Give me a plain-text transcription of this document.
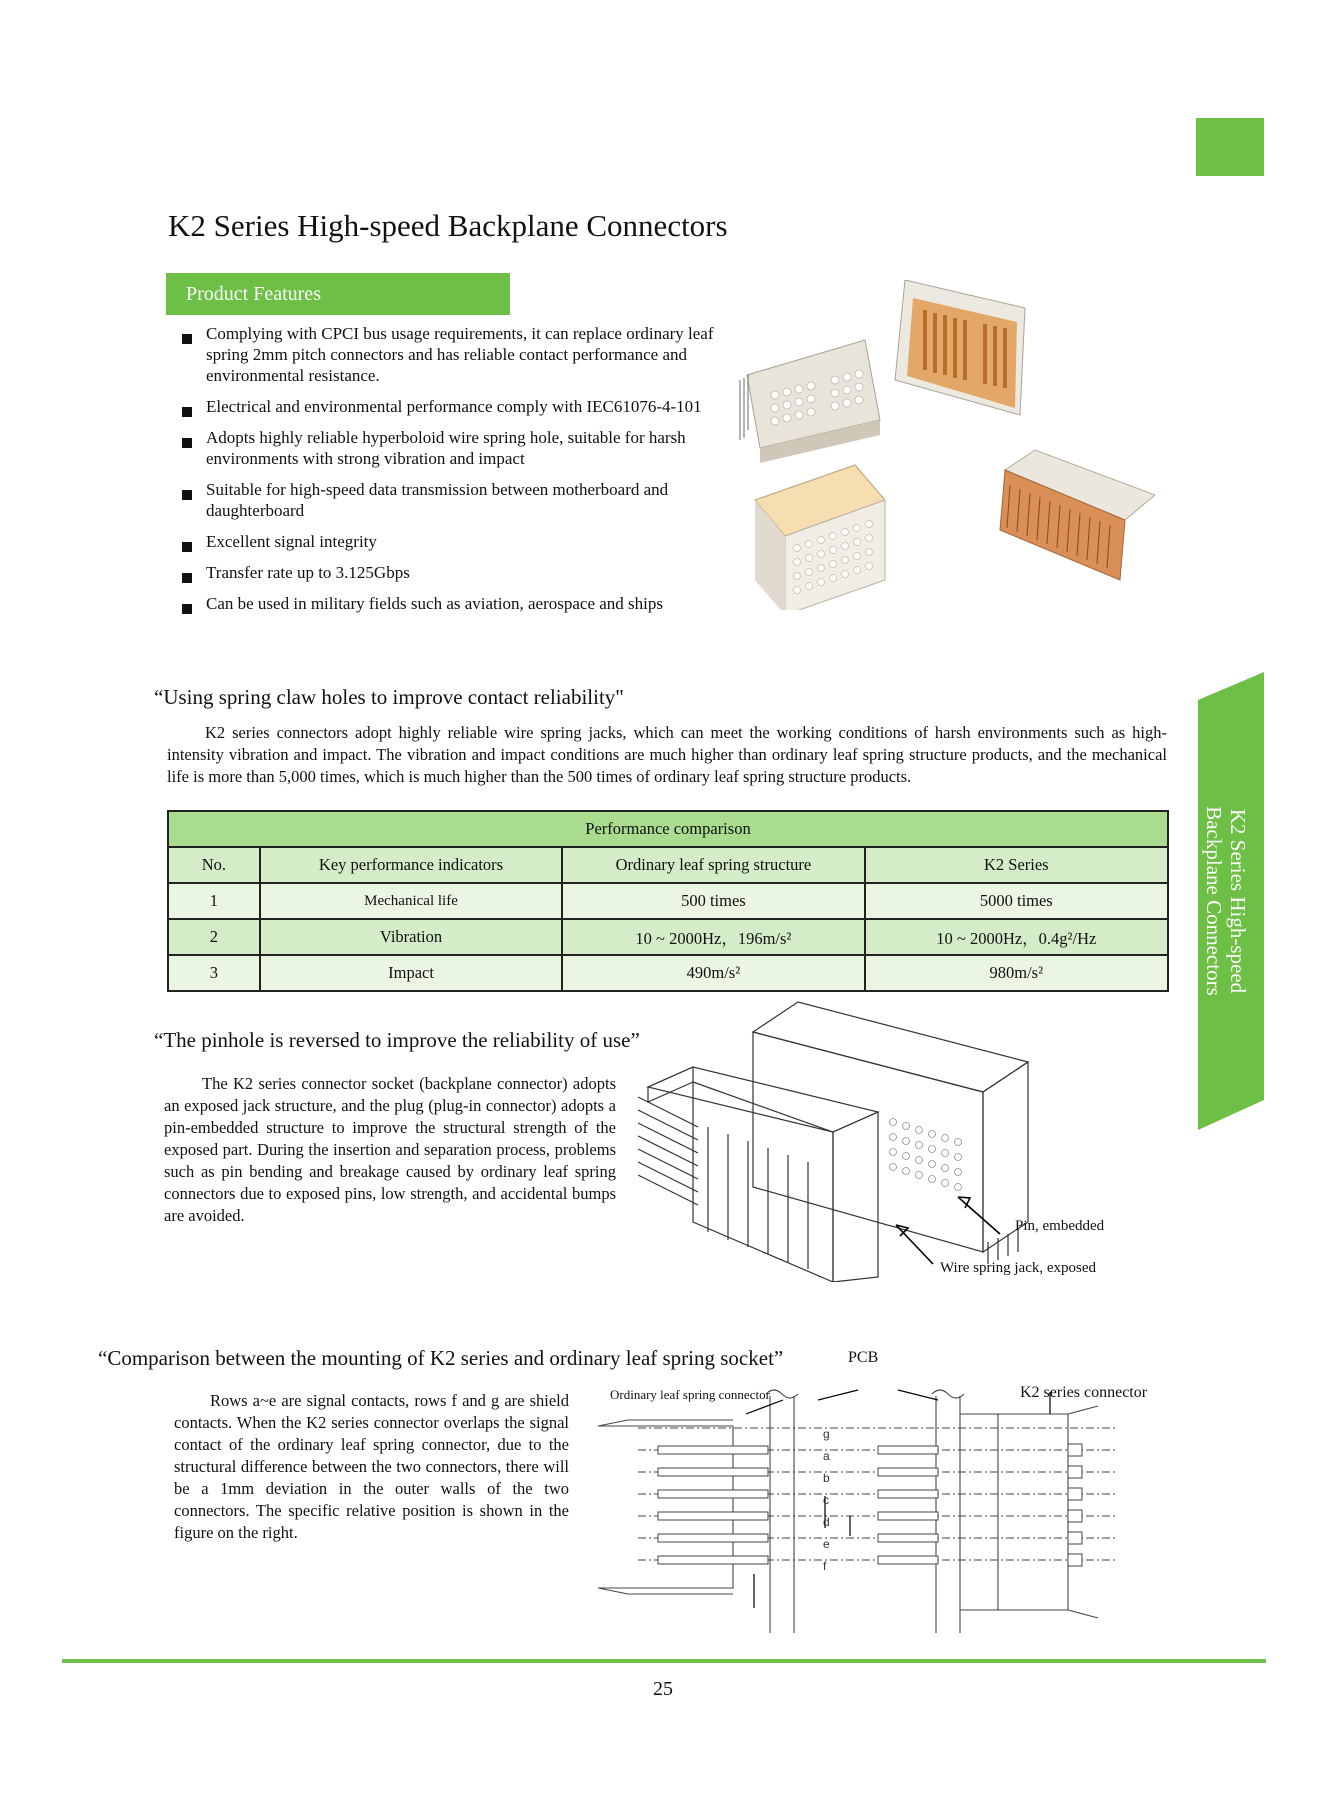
K2 Series High-speed Backplane Connectors
Product Features
Complying with CPCI bus usage requirements, it can replace ordinary leaf spring 2mm pitch connectors and has reliable contact performance and environmental resistance.
Electrical and environmental performance comply with IEC61076-4-101
Adopts highly reliable hyperboloid wire spring hole, suitable for harsh environments with strong vibration and impact
Suitable for high-speed data transmission between motherboard and daughterboard
Excellent signal integrity
Transfer rate up to 3.125Gbps
Can be used in military fields such as aviation, aerospace and ships
K2 Series High-speed
Backplane Connectors
“Using spring claw holes to improve contact reliability"
K2 series connectors adopt highly reliable wire spring jacks, which can meet the working conditions of harsh environments such as high-intensity vibration and impact. The vibration and impact conditions are much higher than ordinary leaf spring structure products, and the mechanical life is more than 5,000 times, which is much higher than the 500 times of ordinary leaf spring structure products.
Performance comparison			
No.	Key performance indicators	Ordinary leaf spring structure	K2 Series
1	Mechanical life	500 times	5000 times
2	Vibration	10 ~ 2000Hz，196m/s²	10 ~ 2000Hz，0.4g²/Hz
3	Impact	490m/s²	980m/s²
“The pinhole is reversed to improve the reliability of use”
The K2 series connector socket (backplane connector) adopts an exposed jack structure, and the plug (plug-in connector) adopts a pin-embedded structure to improve the structural strength of the exposed part. During the insertion and separation process, problems such as pin bending and breakage caused by ordinary leaf spring connectors due to exposed pins, low strength, and accidental bumps are avoided.
Pin, embedded
Wire spring jack, exposed
“Comparison between the mounting of K2 series and ordinary leaf spring socket”	PCB
Rows a~e are signal contacts, rows f and g are shield contacts. When the K2 series connector overlaps the signal contact of the ordinary leaf spring connector, due to the structural difference between the two connectors, there will be a 1mm deviation in the outer walls of the two connectors. The specific relative position is shown in the figure on the right.
g
a
b
c
d
e
f
Ordinary leaf spring connector	K2 series connector
25
